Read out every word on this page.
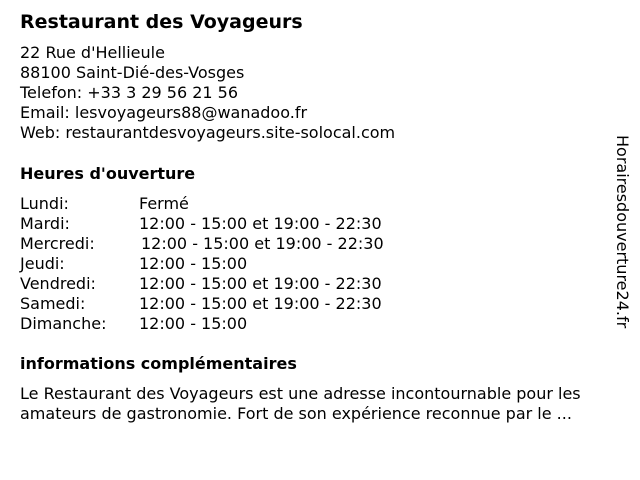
Restaurant des Voyageurs
22 Rue d'Hellieule
88100 Saint-Dié-des-Vosges
Telefon: +33 3 29 56 21 56
Email: lesvoyageurs88@wanadoo.fr
Web: restaurantdesvoyageurs.site-solocal.com
Heures d'ouverture
Lundi:	Fermé
Mardi:	12:00 - 15:00 et 19:00 - 22:30
Mercredi:	12:00 - 15:00 et 19:00 - 22:30
Jeudi:	12:00 - 15:00
Vendredi:	12:00 - 15:00 et 19:00 - 22:30
Samedi:	12:00 - 15:00 et 19:00 - 22:30
Dimanche: 12:00 - 15:00
informations complémentaires
Le Restaurant des Voyageurs est une adresse incontournable pour les
amateurs de gastronomie. Fort de son expérience reconnue par le ...
Horairesdouverture24.fr
